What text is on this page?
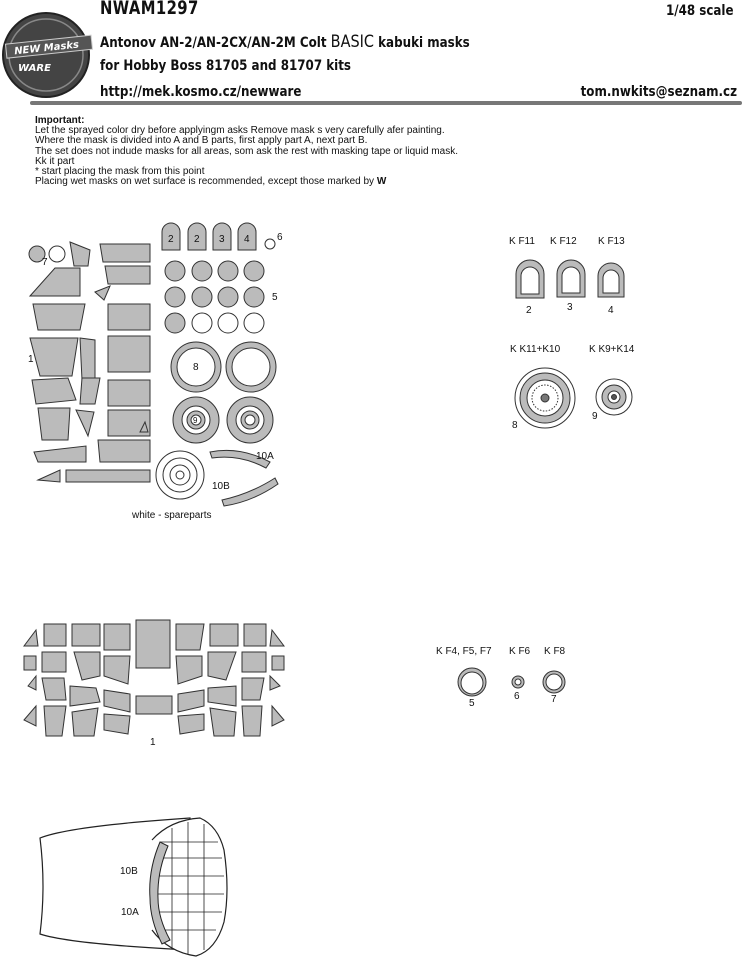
NEW Masks
WARE
NWAM1297	1/48 scale
Antonov AN-2/AN-2CX/AN-2M Colt BASIC kabuki masks
for Hobby Boss 81705 and 81707 kits
http://mek.kosmo.cz/newware	tom.nwkits@seznam.cz
Important:
Let the sprayed color dry before applyingm asks Remove mask s very carefully afer painting.
Where the mask is divided into A and B parts, first apply part A, next part B.
The set does not indude masks for all areas, som ask the rest with masking tape or liquid mask.
Kk it part
* start placing the mask from this point
Placing wet masks on wet surface is recommended, except those marked by W
1
2 2 3 4
5
6
7
8
9
10A
10B
white - spareparts
K F11 K F12 K F13
2	3	4
K K11+K10	K K9+K14
8
9
1
K F4, F5, F7 K F6 K F8
5
6	7
10B
10A
